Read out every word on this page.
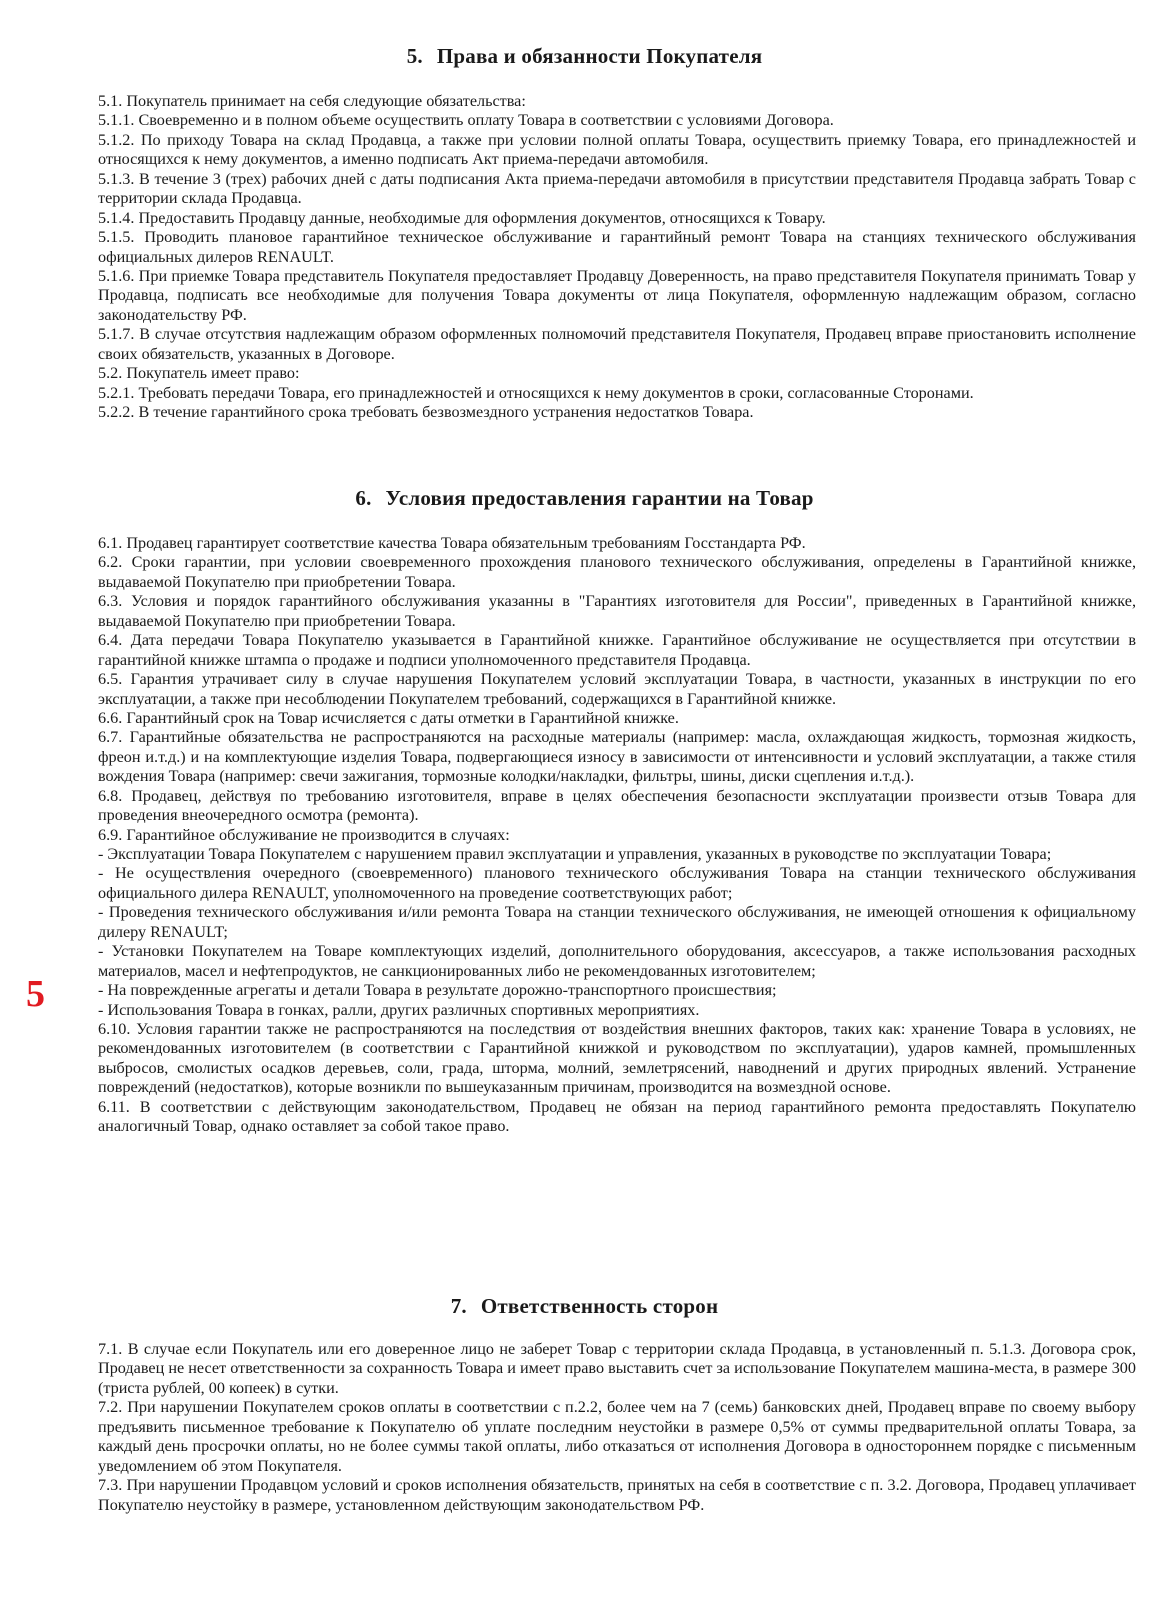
5. Права и обязанности Покупателя

5.1. Покупатель принимает на себя следующие обязательства:

5.1.1. Своевременно и в полном объеме осуществить оплату Товара в соответствии с условиями Договора.

5.1.2. По приходу Товара на склад Продавца, а также при условии полной оплаты Товара, осуществить приемку Товара, его принадлежностей и относящихся к нему документов, а именно подписать Акт приема-передачи автомобиля.

5.1.3. В течение 3 (трех) рабочих дней с даты подписания Акта приема-передачи автомобиля в присутствии представителя Продавца забрать Товар с территории склада Продавца.

5.1.4. Предоставить Продавцу данные, необходимые для оформления документов, относящихся к Товару.

5.1.5. Проводить плановое гарантийное техническое обслуживание и гарантийный ремонт Товара на станциях технического обслуживания официальных дилеров RENAULT.

5.1.6. При приемке Товара представитель Покупателя предоставляет Продавцу Доверенность, на право представителя Покупателя принимать Товар у Продавца, подписать все необходимые для получения Товара документы от лица Покупателя, оформленную надлежащим образом, согласно законодательству РФ.

5.1.7. В случае отсутствия надлежащим образом оформленных полномочий представителя Покупателя, Продавец вправе приостановить исполнение своих обязательств, указанных в Договоре.

5.2. Покупатель имеет право:

5.2.1. Требовать передачи Товара, его принадлежностей и относящихся к нему документов в сроки, согласованные Сторонами.

5.2.2. В течение гарантийного срока требовать безвозмездного устранения недостатков Товара.

6. Условия предоставления гарантии на Товар

6.1. Продавец гарантирует соответствие качества Товара обязательным требованиям Госстандарта РФ.

6.2. Сроки гарантии, при условии своевременного прохождения планового технического обслуживания, определены в Гарантийной книжке, выдаваемой Покупателю при приобретении Товара.

6.3. Условия и порядок гарантийного обслуживания указанны в "Гарантиях изготовителя для России", приведенных в Гарантийной книжке, выдаваемой Покупателю при приобретении Товара.

6.4. Дата передачи Товара Покупателю указывается в Гарантийной книжке. Гарантийное обслуживание не осуществляется при отсутствии в гарантийной книжке штампа о продаже и подписи уполномоченного представителя Продавца.

6.5. Гарантия утрачивает силу в случае нарушения Покупателем условий эксплуатации Товара, в частности, указанных в инструкции по его эксплуатации, а также при несоблюдении Покупателем требований, содержащихся в Гарантийной книжке.

6.6. Гарантийный срок на Товар исчисляется с даты отметки в Гарантийной книжке.

6.7. Гарантийные обязательства не распространяются на расходные материалы (например: масла, охлаждающая жидкость, тормозная жидкость, фреон и.т.д.) и на комплектующие изделия Товара, подвергающиеся износу в зависимости от интенсивности и условий эксплуатации, а также стиля вождения Товара (например: свечи зажигания, тормозные колодки/накладки, фильтры, шины, диски сцепления и.т.д.).

6.8. Продавец, действуя по требованию изготовителя, вправе в целях обеспечения безопасности эксплуатации произвести отзыв Товара для проведения внеочередного осмотра (ремонта).

6.9. Гарантийное обслуживание не производится в случаях:

- Эксплуатации Товара Покупателем с нарушением правил эксплуатации и управления, указанных в руководстве по эксплуатации Товара;

- Не осуществления очередного (своевременного) планового технического обслуживания Товара на станции технического обслуживания официального дилера RENAULT, уполномоченного на проведение соответствующих работ;

- Проведения технического обслуживания и/или ремонта Товара на станции технического обслуживания, не имеющей отношения к официальному дилеру RENAULT;

- Установки Покупателем на Товаре комплектующих изделий, дополнительного оборудования, аксессуаров, а также использования расходных материалов, масел и нефтепродуктов, не санкционированных либо не рекомендованных изготовителем;

- На поврежденные агрегаты и детали Товара в результате дорожно-транспортного происшествия;

- Использования Товара в гонках, ралли, других различных спортивных мероприятиях.

6.10. Условия гарантии также не распространяются на последствия от воздействия внешних факторов, таких как: хранение Товара в условиях, не рекомендованных изготовителем (в соответствии с Гарантийной книжкой и руководством по эксплуатации), ударов камней, промышленных выбросов, смолистых осадков деревьев, соли, града, шторма, молний, землетрясений, наводнений и других природных явлений. Устранение повреждений (недостатков), которые возникли по вышеуказанным причинам, производится на возмездной основе.

6.11. В соответствии с действующим законодательством, Продавец не обязан на период гарантийного ремонта предоставлять Покупателю аналогичный Товар, однако оставляет за собой такое право.

7. Ответственность сторон

7.1. В случае если Покупатель или его доверенное лицо не заберет Товар с территории склада Продавца, в установленный п. 5.1.3. Договора срок, Продавец не несет ответственности за сохранность Товара и имеет право выставить счет за использование Покупателем машина-места, в размере 300 (триста рублей, 00 копеек) в сутки.

7.2. При нарушении Покупателем сроков оплаты в соответствии с п.2.2, более чем на 7 (семь) банковских дней, Продавец вправе по своему выбору предъявить письменное требование к Покупателю об уплате последним неустойки в размере 0,5% от суммы предварительной оплаты Товара, за каждый день просрочки оплаты, но не более суммы такой оплаты, либо отказаться от исполнения Договора в одностороннем порядке с письменным уведомлением об этом Покупателя.

7.3. При нарушении Продавцом условий и сроков исполнения обязательств, принятых на себя в соответствие с п. 3.2. Договора, Продавец уплачивает Покупателю неустойку в размере, установленном действующим законодательством РФ.

5
